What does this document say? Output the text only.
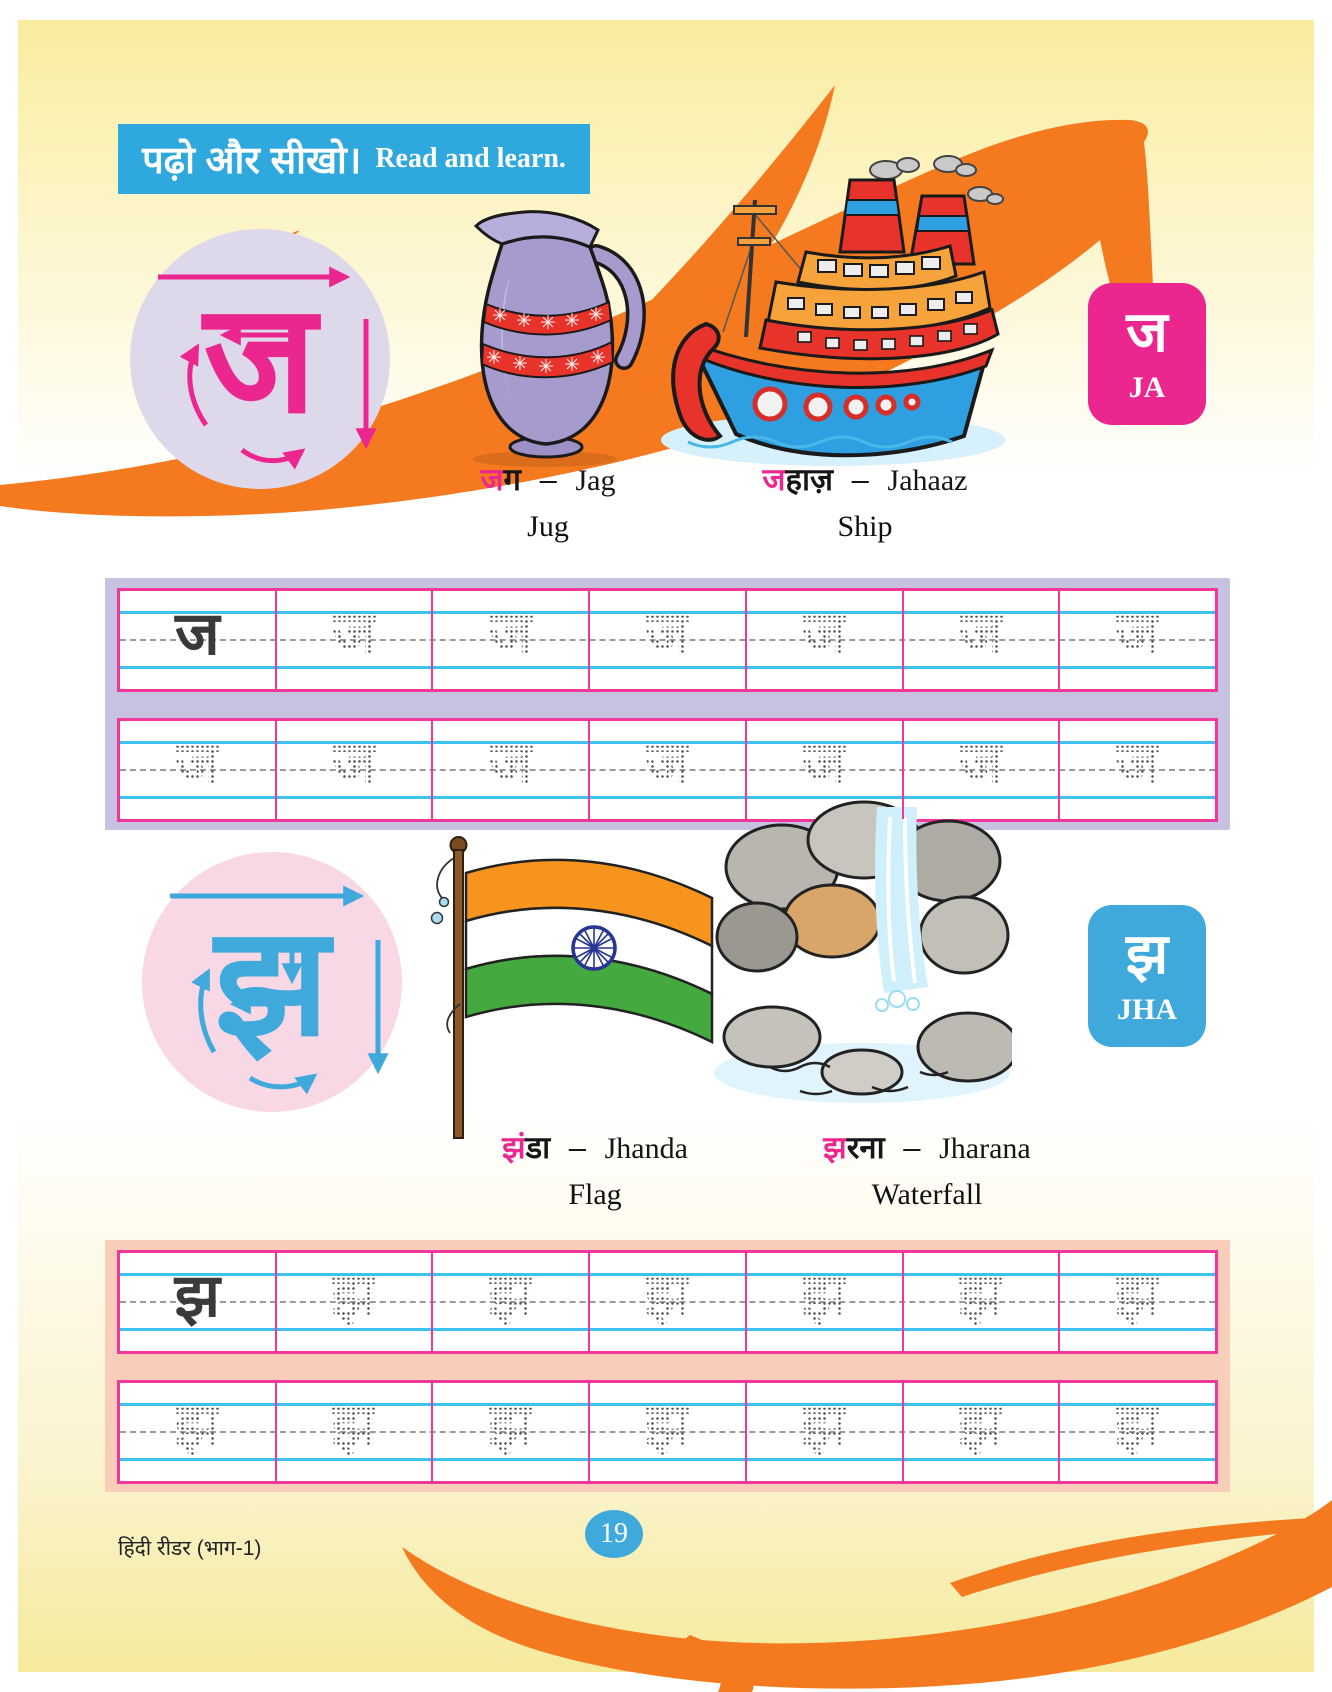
पढ़ो और सीखो। Read and learn.
ज	✳ ✳ ✳ ✳ ✳
✳ ✳ ✳ ✳ ✳	ज
JA
जग – Jag
Jug
जहाज़ – Jahaaz
Ship
ज ज ज ज ज ज ज
ज ज ज ज ज ज ज
झ	झ
JHA
झंडा – Jhanda
Flag
झरना – Jharana
Waterfall
झ झ झ झ झ झ झ
झ झ झ झ झ झ झ
हिंदी रीडर (भाग-1)	19
